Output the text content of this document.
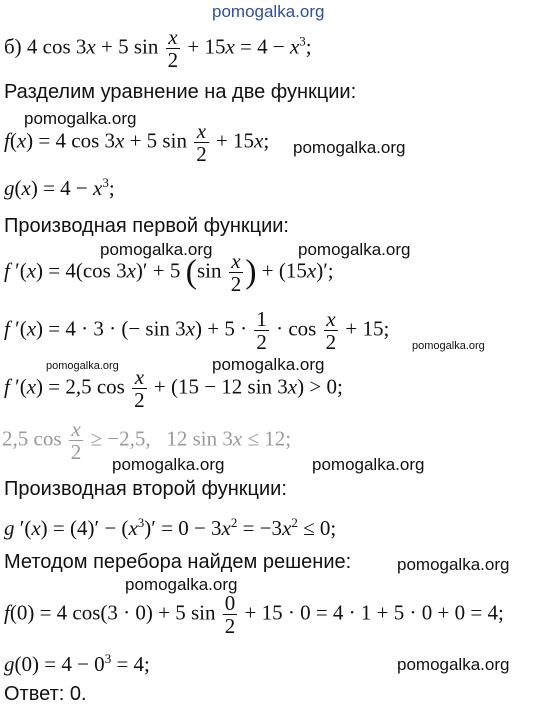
pomogalka.org
pomogalka.org
pomogalka.org
pomogalka.org	pomogalka.org
pomogalka.org
pomogalka.org	pomogalka.org
pomogalka.org	pomogalka.org
pomogalka.org
pomogalka.org
pomogalka.org
б) 4 cos 3x + 5 $\sin \frac{x}{2} + 15x = 4 - x^3$;
Разделим уравнение на две функции:
f(x) = 4 cos 3x + 5 $\sin \frac{x}{2} + 15x$;
$g(x) = 4 - x^3$;
Производная первой функции:
f ′(x) = 4(cos 3x)′ + 5 ($\sin \frac{x}{2}$ ) + (15x)′;
f ′(x) = 4 · 3 · (− $\sin 3x) + 5 \cdot \frac{1}{2} \cdot \cos \frac{x}{2} + 15$;
f ′(x) = 2,5 $\cos \frac{x}{2} + (15 - 12$ sin 3x) > 0;
2,5 $\cos \frac{x}{2} \ge -2,5$,   12 sin 3x ≤ 12;
Производная второй функции:
g $'(x) = (4)' - (x^3)' = 0 - 3x^2 = -3x^2 \le 0$;
Методом перебора найдем решение:
f(0) = 4 cos(3 · 0) + 5 $\sin \frac{0}{2} + 15 \cdot 0 = 4 \cdot 1 + 5 \cdot 0 + 0 = 4$;
$g(0) = 4 - 0^3 = 4$;
Ответ: 0.
